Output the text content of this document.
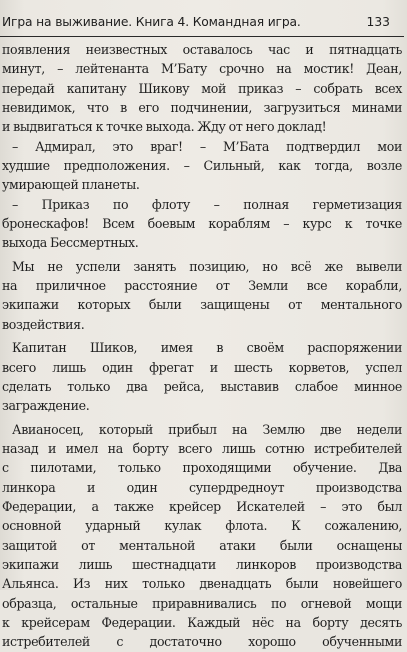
Игра на выживание. Книга 4. Командная игра.	133
появления неизвестных оставалось час и пятнадцать
минут, – лейтенанта М’Бату срочно на мостик! Деан,
передай капитану Шикову мой приказ – собрать всех
невидимок, что в его подчинении, загрузиться минами
и выдвигаться к точке выхода. Жду от него доклад!
– Адмирал, это враг! – М’Бата подтвердил мои
худшие предположения. – Сильный, как тогда, возле
умирающей планеты.
– Приказ по флоту – полная герметизация
бронескафов! Всем боевым кораблям – курс к точке
выхода Бессмертных.
Мы не успели занять позицию, но всё же вывели
на приличное расстояние от Земли все корабли,
экипажи которых были защищены от ментального
воздействия.
Капитан Шиков, имея в своём распоряжении
всего лишь один фрегат и шесть корветов, успел
сделать только два рейса, выставив слабое минное
заграждение.
Авианосец, который прибыл на Землю две недели
назад и имел на борту всего лишь сотню истребителей
с пилотами, только проходящими обучение. Два
линкора и один супердредноут производства
Федерации, а также крейсер Искателей – это был
основной ударный кулак флота. К сожалению,
защитой от ментальной атаки были оснащены
экипажи лишь шестнадцати линкоров производства
Альянса. Из них только двенадцать были новейшего
образца, остальные приравнивались по огневой мощи
к крейсерам Федерации. Каждый нёс на борту десять
истребителей с достаточно хорошо обученными
